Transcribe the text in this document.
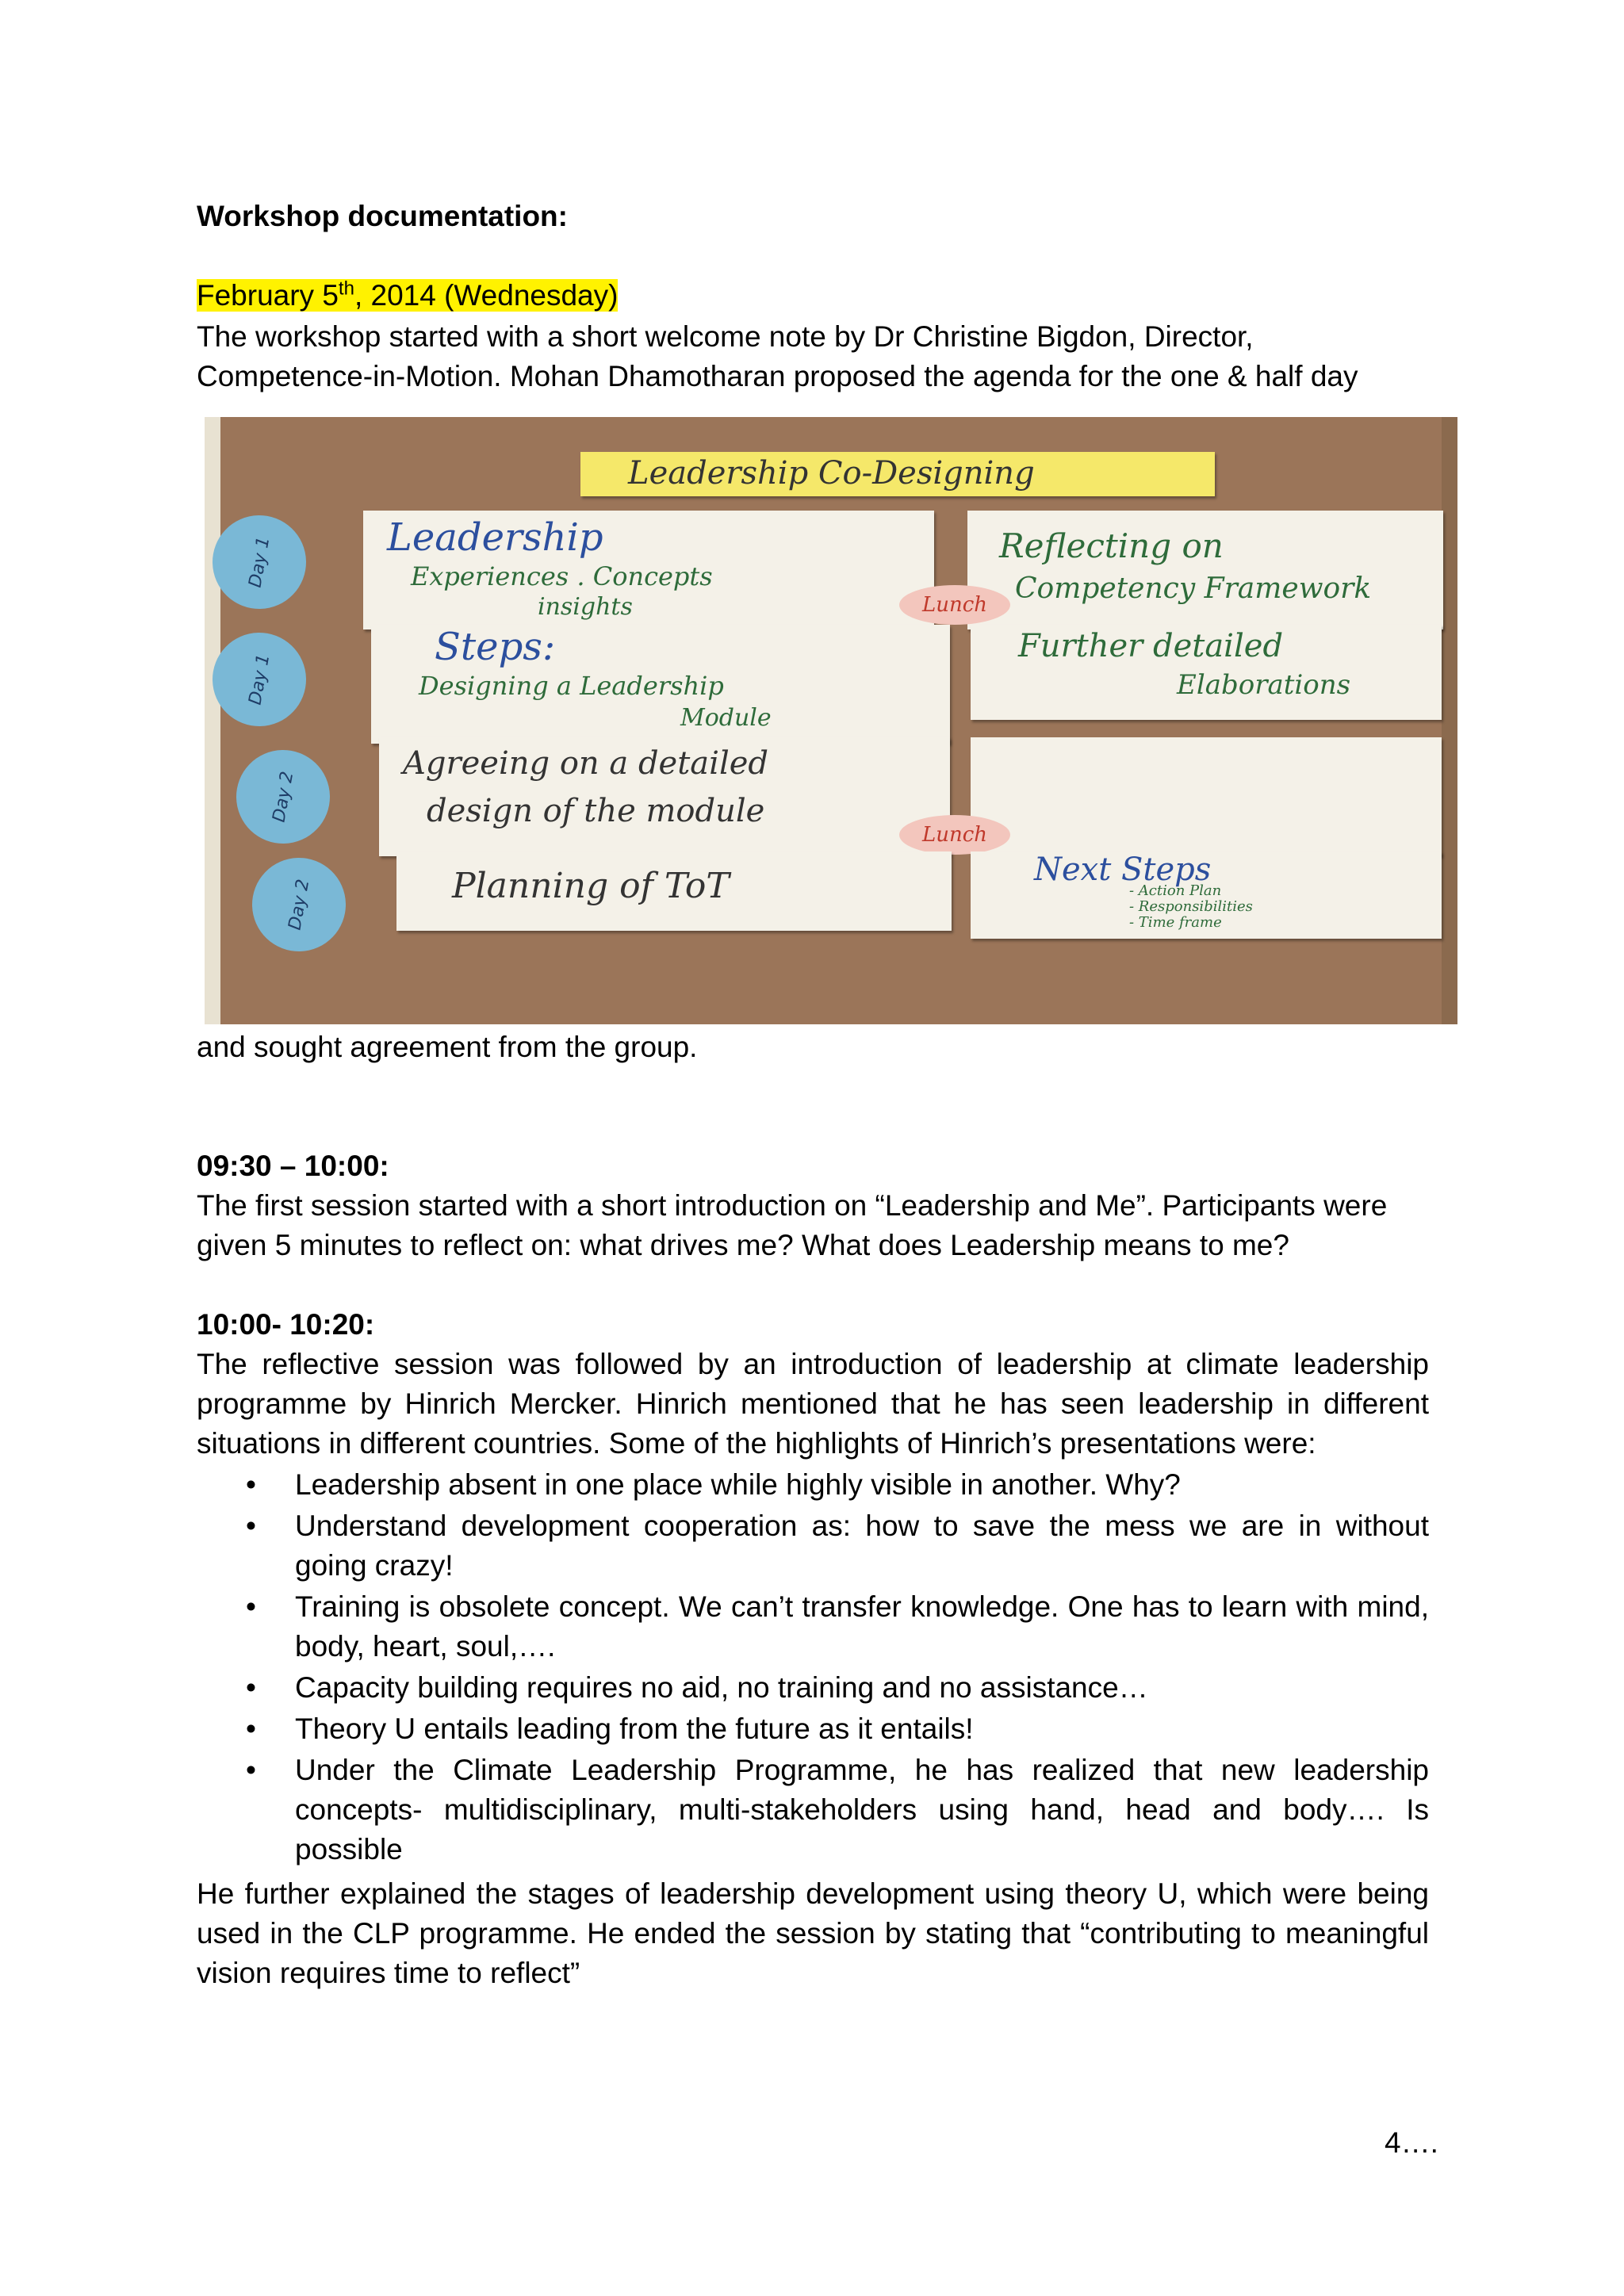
Workshop documentation:
February 5th, 2014 (Wednesday)
The workshop started with a short welcome note by Dr Christine Bigdon, Director,
Competence-in-Motion. Mohan Dhamotharan proposed the agenda for the one & half day
Leadership Co-Designing
Day 1	Leadership
Experiences . Concepts
insights
Reflecting on
Competency Framework
Lunch
Day 1
Steps:
Designing a Leadership
Module
Further detailed
Elaborations
Day 2
Agreeing on a detailed
design of the module
Lunch
Day 2	Planning of ToT	Next Steps
- Action Plan
- Responsibilities
- Time frame
and sought agreement from the group.
09:30 – 10:00:
The first session started with a short introduction on “Leadership and Me”. Participants were
given 5 minutes to reflect on: what drives me? What does Leadership means to me?
10:00- 10:20:
The reflective session was followed by an introduction of leadership at climate leadership programme by Hinrich Mercker. Hinrich mentioned that he has seen leadership in different situations in different countries. Some of the highlights of Hinrich’s presentations were:
• Leadership absent in one place while highly visible in another. Why?
• Understand development cooperation as: how to save the mess we are in without going crazy!
• Training is obsolete concept. We can’t transfer knowledge. One has to learn with mind, body, heart, soul,….
• Capacity building requires no aid, no training and no assistance…
• Theory U entails leading from the future as it entails!
• Under the Climate Leadership Programme, he has realized that new leadership concepts- multidisciplinary, multi-stakeholders using hand, head and body…. Is possible
He further explained the stages of leadership development using theory U, which were being used in the CLP programme. He ended the session by stating that “contributing to meaningful vision requires time to reflect”
4….
